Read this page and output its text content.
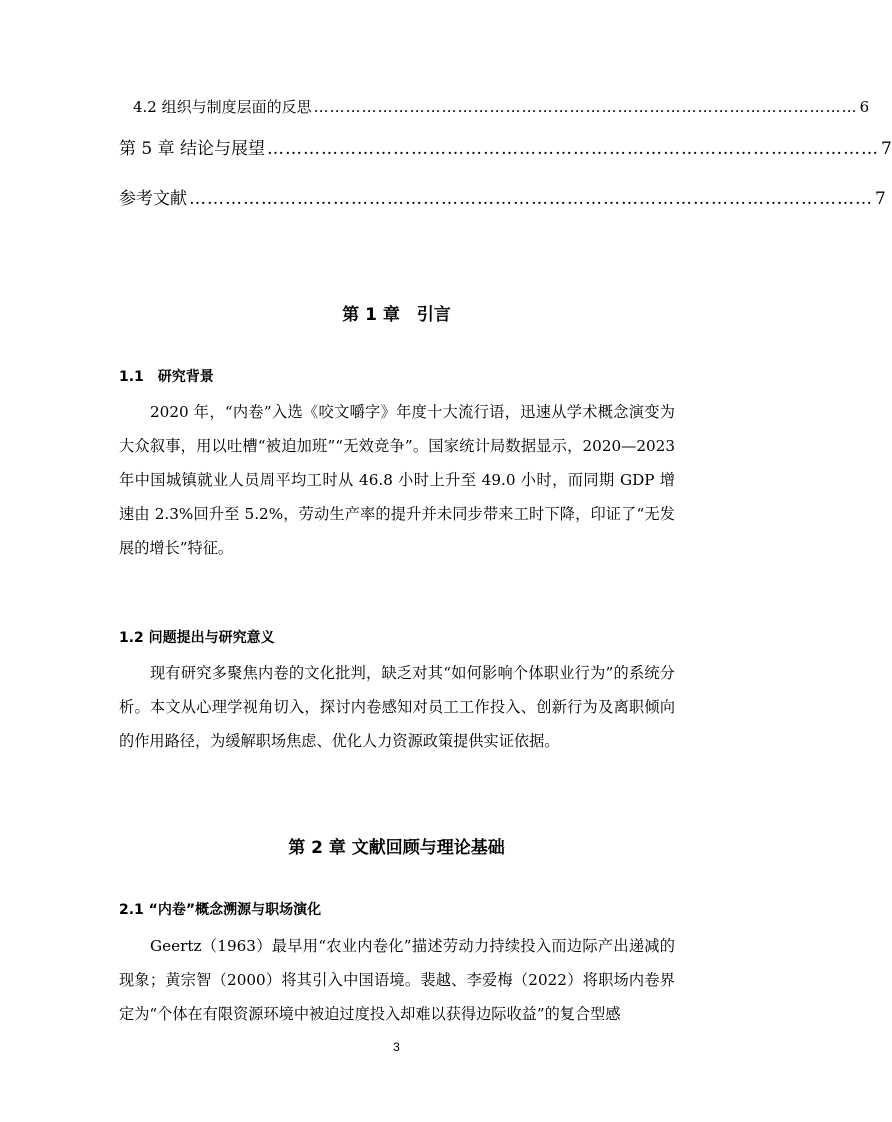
4.2 组织与制度层面的反思 ………………………………………………………………………………………… 6
第 5 章 结论与展望 ………………………………………………………………………………………… 7
参考文献 …………………………………………………………………………………………………… 7
第 1 章　引言
1.1　研究背景
2020 年，“内卷”入选《咬文嚼字》年度十大流行语，迅速从学术概念演变为大众叙事，用以吐槽“被迫加班”“无效竞争”。国家统计局数据显示，2020—2023 年中国城镇就业人员周平均工时从 46.8 小时上升至 49.0 小时，而同期 GDP 增速由 2.3%回升至 5.2%，劳动生产率的提升并未同步带来工时下降，印证了“无发展的增长”特征。
1.2 问题提出与研究意义
现有研究多聚焦内卷的文化批判，缺乏对其“如何影响个体职业行为”的系统分析。本文从心理学视角切入，探讨内卷感知对员工工作投入、创新行为及离职倾向的作用路径，为缓解职场焦虑、优化人力资源政策提供实证依据。
第 2 章 文献回顾与理论基础
2.1 “内卷”概念溯源与职场演化
Geertz（1963）最早用“农业内卷化”描述劳动力持续投入而边际产出递减的现象；黄宗智（2000）将其引入中国语境。裴越、李爱梅（2022）将职场内卷界定为“个体在有限资源环境中被迫过度投入却难以获得边际收益”的复合型感
3
